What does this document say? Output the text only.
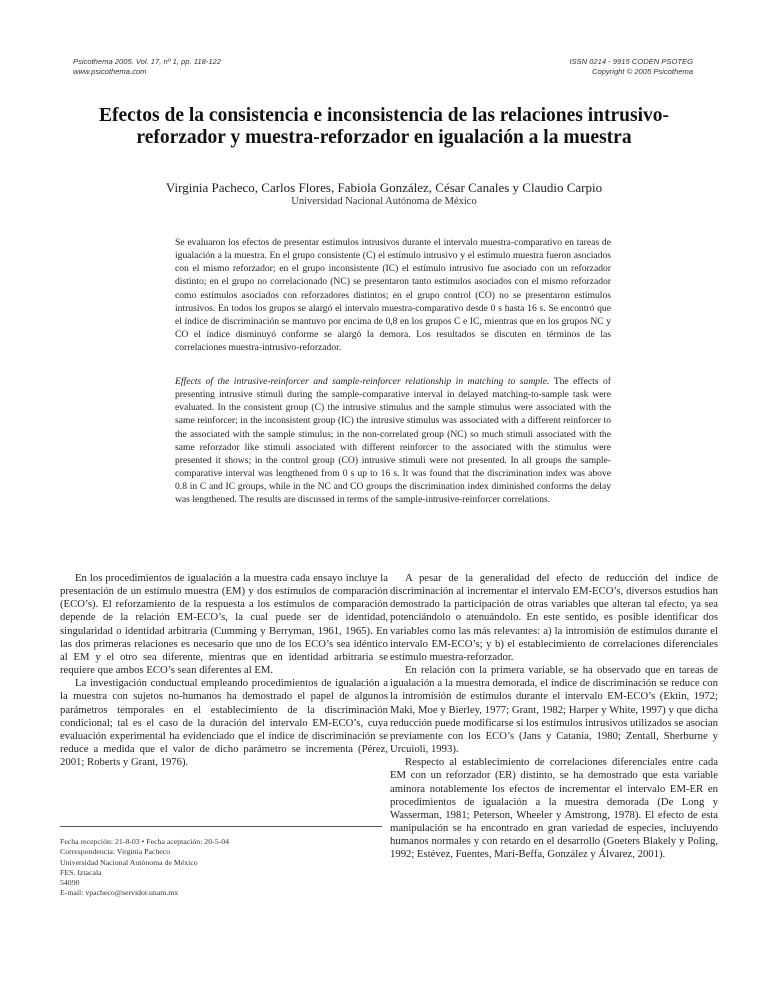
Psicothema 2005. Vol. 17, nº 1, pp. 118-122
www.psicothema.com
ISSN 0214 - 9915 CODEN PSOTEG
Copyright © 2005 Psicothema
Efectos de la consistencia e inconsistencia de las relaciones intrusivo-reforzador y muestra-reforzador en igualación a la muestra
Virginia Pacheco, Carlos Flores, Fabiola González, César Canales y Claudio Carpio
Universidad Nacional Autónoma de México

Se evaluaron los efectos de presentar estímulos intrusivos durante el intervalo muestra-comparativo en tareas de igualación a la muestra. En el grupo consistente (C) el estímulo intrusivo y el estímulo muestra fueron asociados con el mismo reforzador; en el grupo inconsistente (IC) el estímulo intrusivo fue asociado con un reforzador distinto; en el grupo no correlacionado (NC) se presentaron tanto estímulos asociados con el mismo reforzador como estímulos asociados con reforzadores distintos; en el grupo control (CO) no se presentaron estímulos intrusivos. En todos los grupos se alargó el intervalo muestra-comparativo desde 0 s hasta 16 s. Se encontró que el índice de discriminación se mantuvo por encima de 0,8 en los grupos C e IC, mientras que en los grupos NC y CO el índice disminuyó conforme se alargó la demora. Los resultados se discuten en términos de las correlaciones muestra-intrusivo-reforzador.

Effects of the intrusive-reinforcer and sample-reinforcer relationship in matching to sample. The effects of presenting intrusive stimuli during the sample-comparative interval in delayed matching-to-sample task were evaluated. In the consistent group (C) the intrusive stimulus and the sample stimulus were associated with the same reinforcer; in the inconsistent group (IC) the intrusive stimulus was associated with a different reinforcer to the associated with the sample stimulus; in the non-correlated group (NC) so much stimuli associated with the same reforzador like stimuli associated with different reinforcer to the associated with the stimulus were presented it shows; in the control group (CO) intrusive stimuli were not presented. In all groups the sample-comparative interval was lengthened from 0 s up to 16 s. It was found that the discrimination index was above 0.8 in C and IC groups, while in the NC and CO groups the discrimination index diminished conforms the delay was lengthened. The results are discussed in terms of the sample-intrusive-reinforcer correlations.

En los procedimientos de igualación a la muestra cada ensayo incluye la presentación de un estímulo muestra (EM) y dos estímulos de comparación (ECO’s). El reforzamiento de la respuesta a los estímulos de comparación depende de la relación EM-ECO’s, la cual puede ser de identidad, singularidad o identidad arbitraria (Cumming y Berryman, 1961, 1965). En las dos primeras relaciones es necesario que uno de los ECO’s sea idéntico al EM y el otro sea diferente, mientras que en identidad arbitraria se requiere que ambos ECO’s sean diferentes al EM.

La investigación conductual empleando procedimientos de igualación a la muestra con sujetos no-humanos ha demostrado el papel de algunos parámetros temporales en el establecimiento de la discriminación condicional; tal es el caso de la duración del intervalo EM-ECO’s, cuya evaluación experimental ha evidenciado que el índice de discriminación se reduce a medida que el valor de dicho parámetro se incrementa (Pérez, 2001; Roberts y Grant, 1976).

A pesar de la generalidad del efecto de reducción del índice de discriminación al incrementar el intervalo EM-ECO’s, diversos estudios han demostrado la participación de otras variables que alteran tal efecto, ya sea potenciándolo o atenuándolo. En este sentido, es posible identificar dos variables como las más relevantes: a) la intromisión de estímulos durante el intervalo EM-ECO’s; y b) el establecimiento de correlaciones diferenciales estímulo muestra-reforzador.

En relación con la primera variable, se ha observado que en tareas de igualación a la muestra demorada, el índice de discriminación se reduce con la intromisión de estímulos durante el intervalo EM-ECO’s (Ektin, 1972; Maki, Moe y Bierley, 1977; Grant, 1982; Harper y White, 1997) y que dicha reducción puede modificarse si los estímulos intrusivos utilizados se asocian previamente con los ECO’s (Jans y Catania, 1980; Zentall, Sherburne y Urcuioli, 1993).

Respecto al establecimiento de correlaciones diferenciales entre cada EM con un reforzador (ER) distinto, se ha demostrado que esta variable aminora notablemente los efectos de incrementar el intervalo EM-ER en procedimientos de igualación a la muestra demorada (De Long y Wasserman, 1981; Peterson, Wheeler y Amstrong, 1978). El efecto de esta manipulación se ha encontrado en gran variedad de especies, incluyendo humanos normales y con retardo en el desarrollo (Goeters Blakely y Poling, 1992; Estévez, Fuentes, Mari-Beffa, González y Álvarez, 2001).

Fecha recepción: 21-8-03 • Fecha aceptación: 20-5-04
Correspondencia: Virginia Pacheco
Universidad Nacional Autónoma de México
FES. Iztacala
54090
E-mail: vpacheco@servidor.unam.mx
